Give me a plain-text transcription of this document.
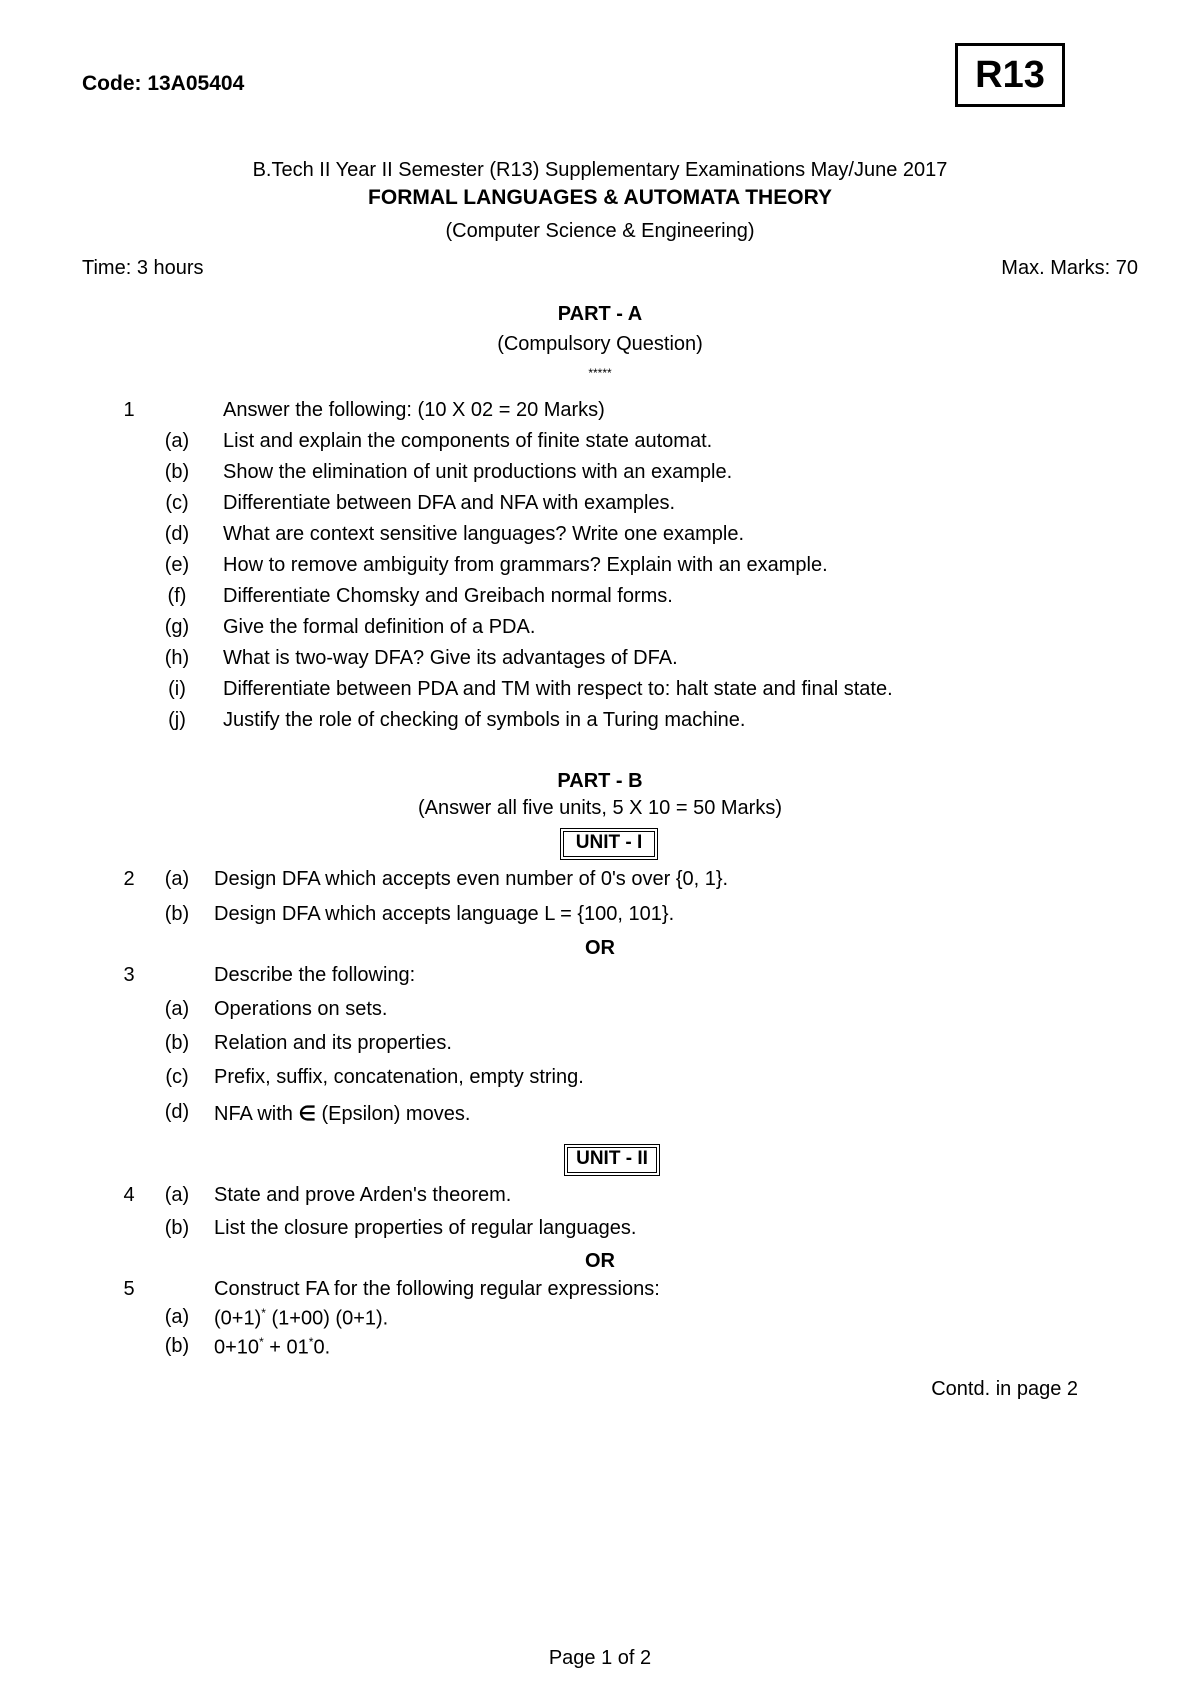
Code: 13A05404	R13
B.Tech II Year II Semester (R13) Supplementary Examinations May/June 2017
FORMAL LANGUAGES & AUTOMATA THEORY
(Computer Science & Engineering)
Time: 3 hours	Max. Marks: 70
PART - A
(Compulsory Question)
*****
1	Answer the following: (10 X 02 = 20 Marks)
(a) List and explain the components of finite state automat.
(b) Show the elimination of unit productions with an example.
(c) Differentiate between DFA and NFA with examples.
(d) What are context sensitive languages? Write one example.
(e) How to remove ambiguity from grammars? Explain with an example.
(f) Differentiate Chomsky and Greibach normal forms.
(g) Give the formal definition of a PDA.
(h) What is two-way DFA? Give its advantages of DFA.
(i)	Differentiate between PDA and TM with respect to: halt state and final state.
(j)	Justify the role of checking of symbols in a Turing machine.
PART - B
(Answer all five units, 5 X 10 = 50 Marks)
UNIT - I
2	(a) Design DFA which accepts even number of 0's over {0, 1}.
(b) Design DFA which accepts language L = {100, 101}.
OR
3	Describe the following:
(a) Operations on sets.
(b) Relation and its properties.
(c) Prefix, suffix, concatenation, empty string.
(d) NFA with ∈ (Epsilon) moves.
UNIT - II
4	(a) State and prove Arden's theorem.
(b) List the closure properties of regular languages.
OR
5	Construct FA for the following regular expressions:
(a) (0+1)* (1+00) (0+1).
(b) 0+10* + 01*0.
Contd. in page 2
Page 1 of 2
